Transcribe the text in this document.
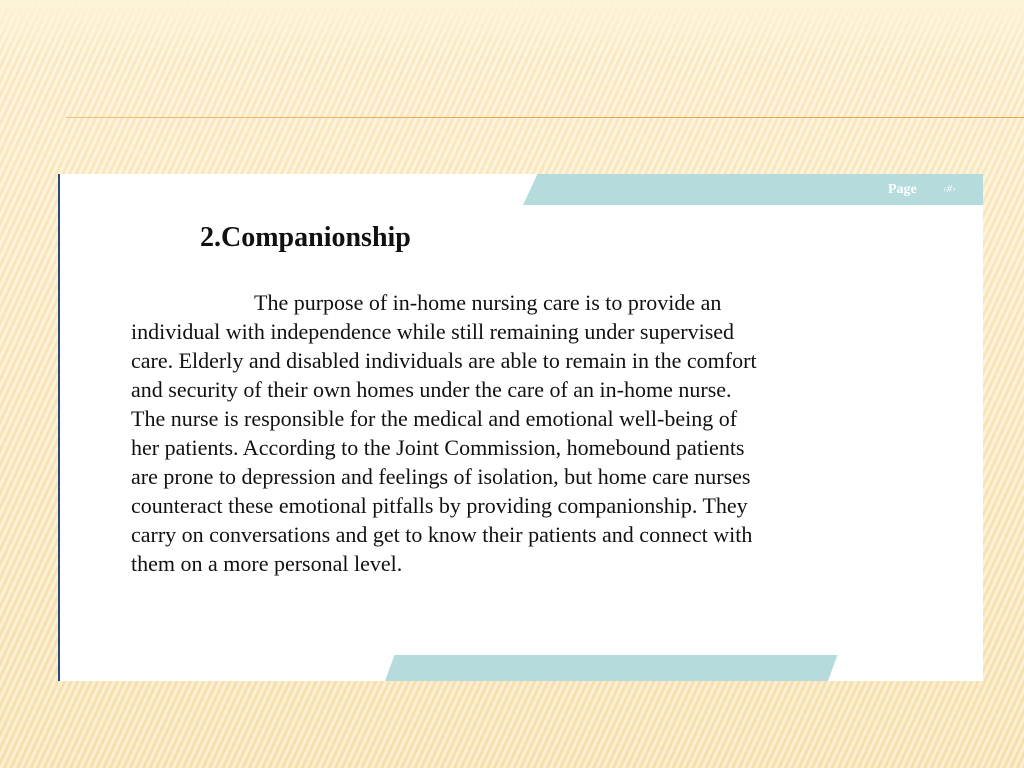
Page ‹#›
2.Companionship
The purpose of in-home nursing care is to provide an
individual with independence while still remaining under supervised
care. Elderly and disabled individuals are able to remain in the comfort
and security of their own homes under the care of an in-home nurse.
The nurse is responsible for the medical and emotional well-being of
her patients. According to the Joint Commission, homebound patients
are prone to depression and feelings of isolation, but home care nurses
counteract these emotional pitfalls by providing companionship. They
carry on conversations and get to know their patients and connect with
them on a more personal level.
